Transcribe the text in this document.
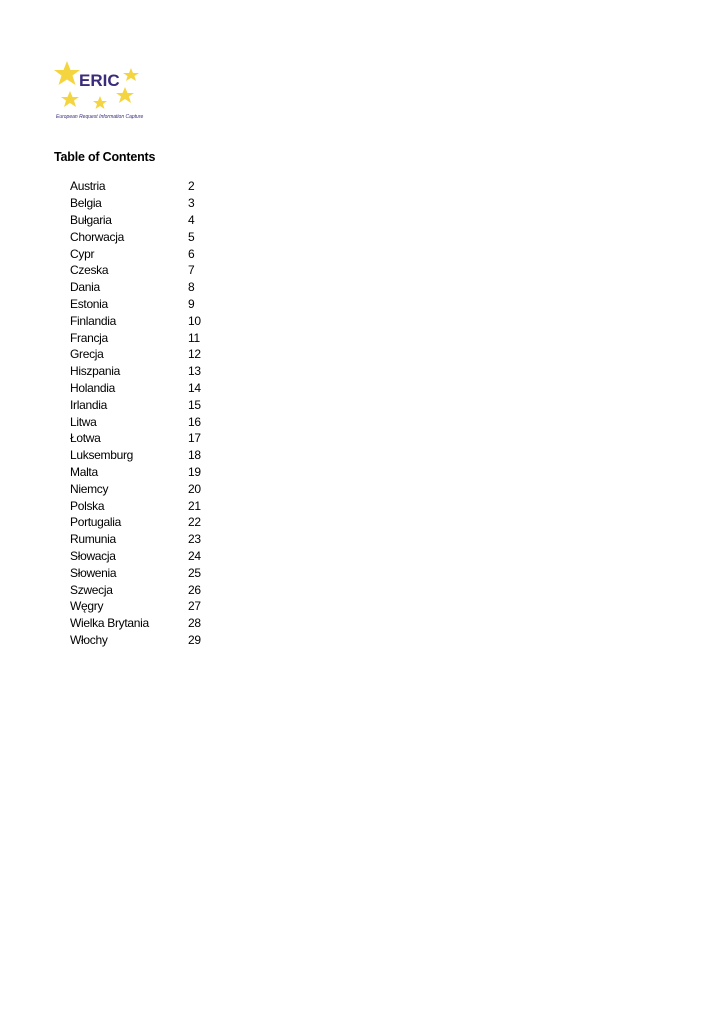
ERIC
European Request Information Capture
Table of Contents
Austria	2
Belgia	3
Bułgaria	4
Chorwacja	5
Cypr	6
Czeska	7
Dania	8
Estonia	9
Finlandia	10
Francja	11
Grecja	12
Hiszpania	13
Holandia	14
Irlandia	15
Litwa	16
Łotwa	17
Luksemburg	18
Malta	19
Niemcy	20
Polska	21
Portugalia	22
Rumunia	23
Słowacja	24
Słowenia	25
Szwecja	26
Węgry	27
Wielka Brytania	28
Włochy	29
